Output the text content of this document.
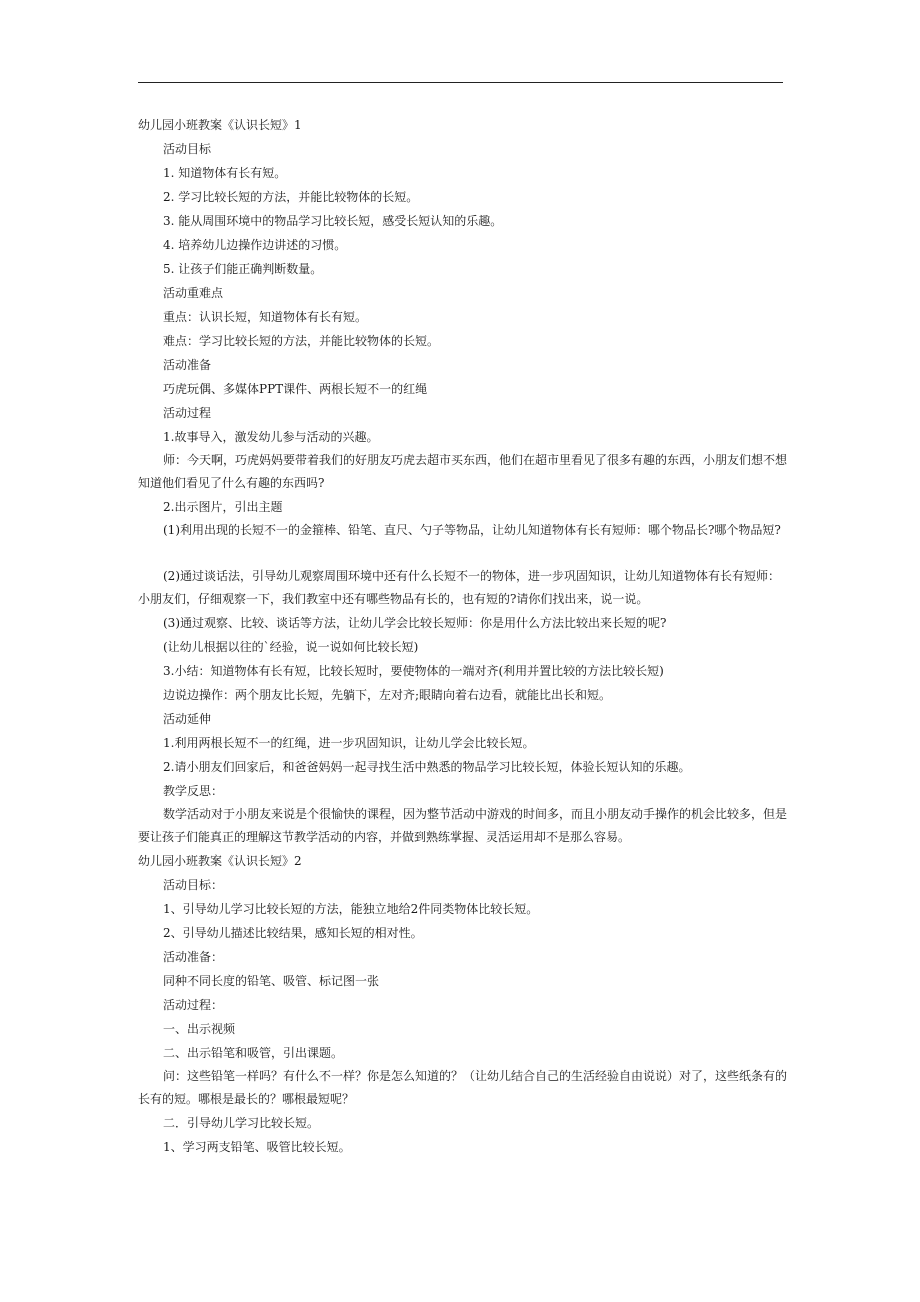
幼儿园小班教案《认识长短》1
活动目标
1. 知道物体有长有短。
2. 学习比较长短的方法，并能比较物体的长短。
3. 能从周围环境中的物品学习比较长短，感受长短认知的乐趣。
4. 培养幼儿边操作边讲述的习惯。
5. 让孩子们能正确判断数量。
活动重难点
重点：认识长短，知道物体有长有短。
难点：学习比较长短的方法，并能比较物体的长短。
活动准备
巧虎玩偶、多媒体PPT课件、两根长短不一的红绳
活动过程
1.故事导入，激发幼儿参与活动的兴趣。
师：今天啊，巧虎妈妈要带着我们的好朋友巧虎去超市买东西，他们在超市里看见了很多有趣的东西，小朋友们想不想知道他们看见了什么有趣的东西吗?
2.出示图片，引出主题
(1)利用出现的长短不一的金箍棒、铅笔、直尺、勺子等物品，让幼儿知道物体有长有短师：哪个物品长?哪个物品短?
(2)通过谈话法，引导幼儿观察周围环境中还有什么长短不一的物体，进一步巩固知识，让幼儿知道物体有长有短师：小朋友们，仔细观察一下，我们教室中还有哪些物品有长的，也有短的?请你们找出来，说一说。
(3)通过观察、比较、谈话等方法，让幼儿学会比较长短师：你是用什么方法比较出来长短的呢?
(让幼儿根据以往的`经验，说一说如何比较长短)
3.小结：知道物体有长有短，比较长短时，要使物体的一端对齐(利用并置比较的方法比较长短)
边说边操作：两个朋友比长短，先躺下，左对齐;眼睛向着右边看，就能比出长和短。
活动延伸
1.利用两根长短不一的红绳，进一步巩固知识，让幼儿学会比较长短。
2.请小朋友们回家后，和爸爸妈妈一起寻找生活中熟悉的物品学习比较长短，体验长短认知的乐趣。
教学反思：
数学活动对于小朋友来说是个很愉快的课程，因为整节活动中游戏的时间多，而且小朋友动手操作的机会比较多，但是要让孩子们能真正的理解这节教学活动的内容，并做到熟练掌握、灵活运用却不是那么容易。
幼儿园小班教案《认识长短》2
活动目标：
1、引导幼儿学习比较长短的方法，能独立地给2件同类物体比较长短。
2、引导幼儿描述比较结果，感知长短的相对性。
活动准备：
同种不同长度的铅笔、吸管、标记图一张
活动过程：
一、出示视频
二、出示铅笔和吸管，引出课题。
问：这些铅笔一样吗？有什么不一样？你是怎么知道的？（让幼儿结合自己的生活经验自由说说）对了，这些纸条有的长有的短。哪根是最长的？哪根最短呢？
二．引导幼儿学习比较长短。
1、学习两支铅笔、吸管比较长短。
